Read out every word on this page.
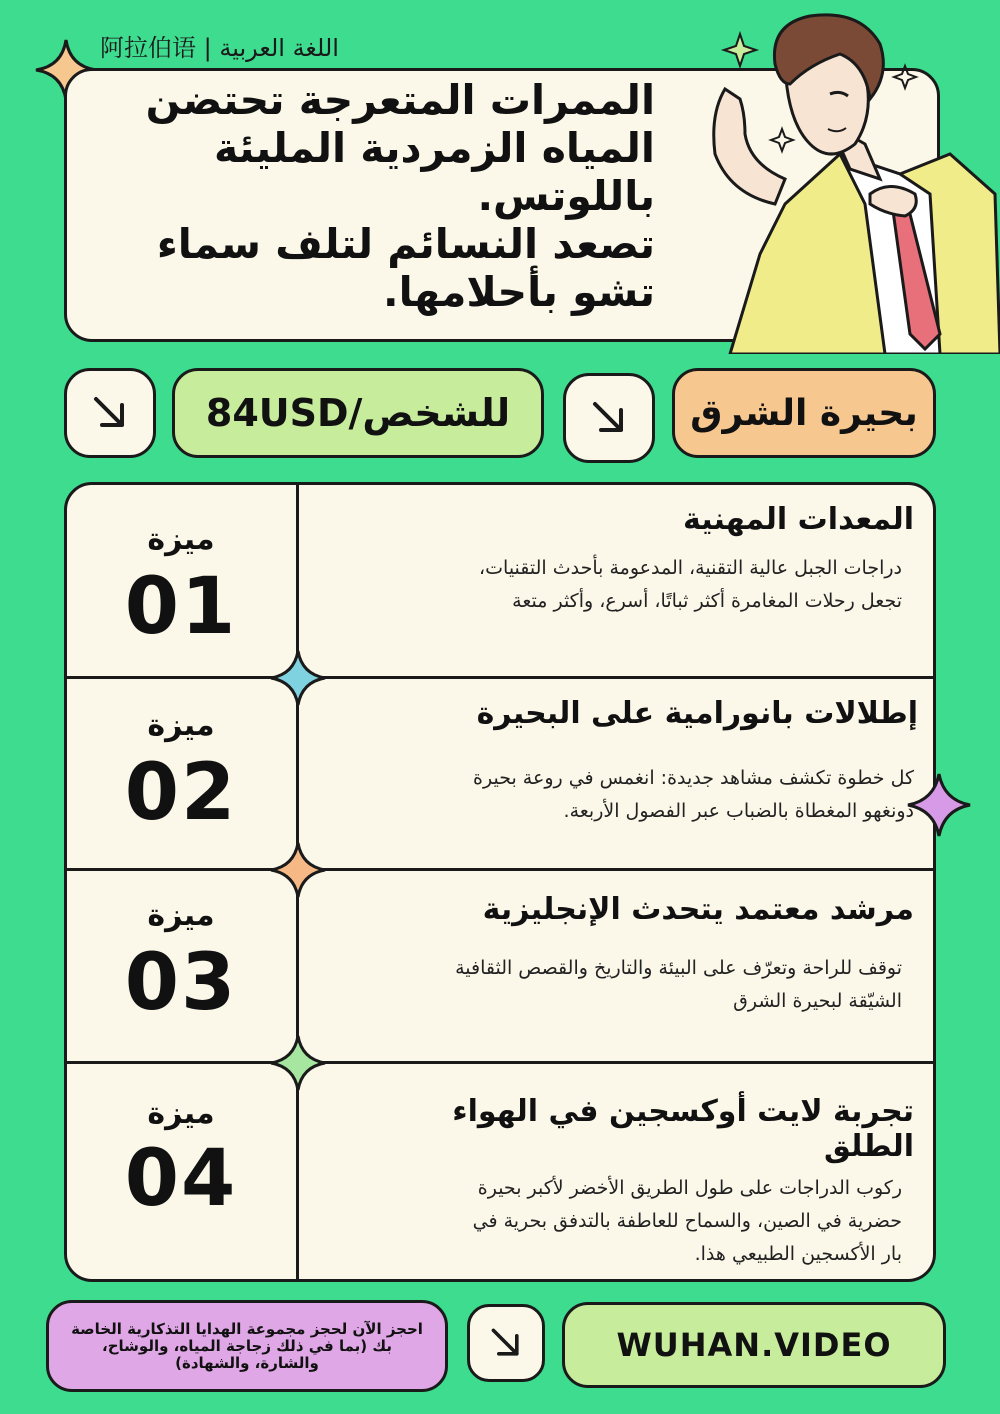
阿拉伯语 | اللغة العربية
الممرات المتعرجة تحتضن
المياه الزمردية المليئة
باللوتس.
تصعد النسائم لتلف سماء
تشو بأحلامها.
84USD/للشخص	بحيرة الشرق
ميزة
01
المعدات المهنية
دراجات الجبل عالية التقنية، المدعومة بأحدث التقنيات،
تجعل رحلات المغامرة أكثر ثباتًا، أسرع، وأكثر متعة
ميزة
02
إطلالات بانورامية على البحيرة
كل خطوة تكشف مشاهد جديدة: انغمس في روعة بحيرة
دونغهو المغطاة بالضباب عبر الفصول الأربعة.
ميزة
03
مرشد معتمد يتحدث الإنجليزية
توقف للراحة وتعرّف على البيئة والتاريخ والقصص الثقافية
الشيّقة لبحيرة الشرق
ميزة
04
تجربة لايت أوكسجين في الهواء الطلق
ركوب الدراجات على طول الطريق الأخضر لأكبر بحيرة
حضرية في الصين، والسماح للعاطفة بالتدفق بحرية في
بار الأكسجين الطبيعي هذا.
احجز الآن لحجز مجموعة الهدايا التذكارية الخاصة بك (بما في ذلك زجاجة المياه، والوشاح، والشارة، والشهادة)	WUHAN.VIDEO
